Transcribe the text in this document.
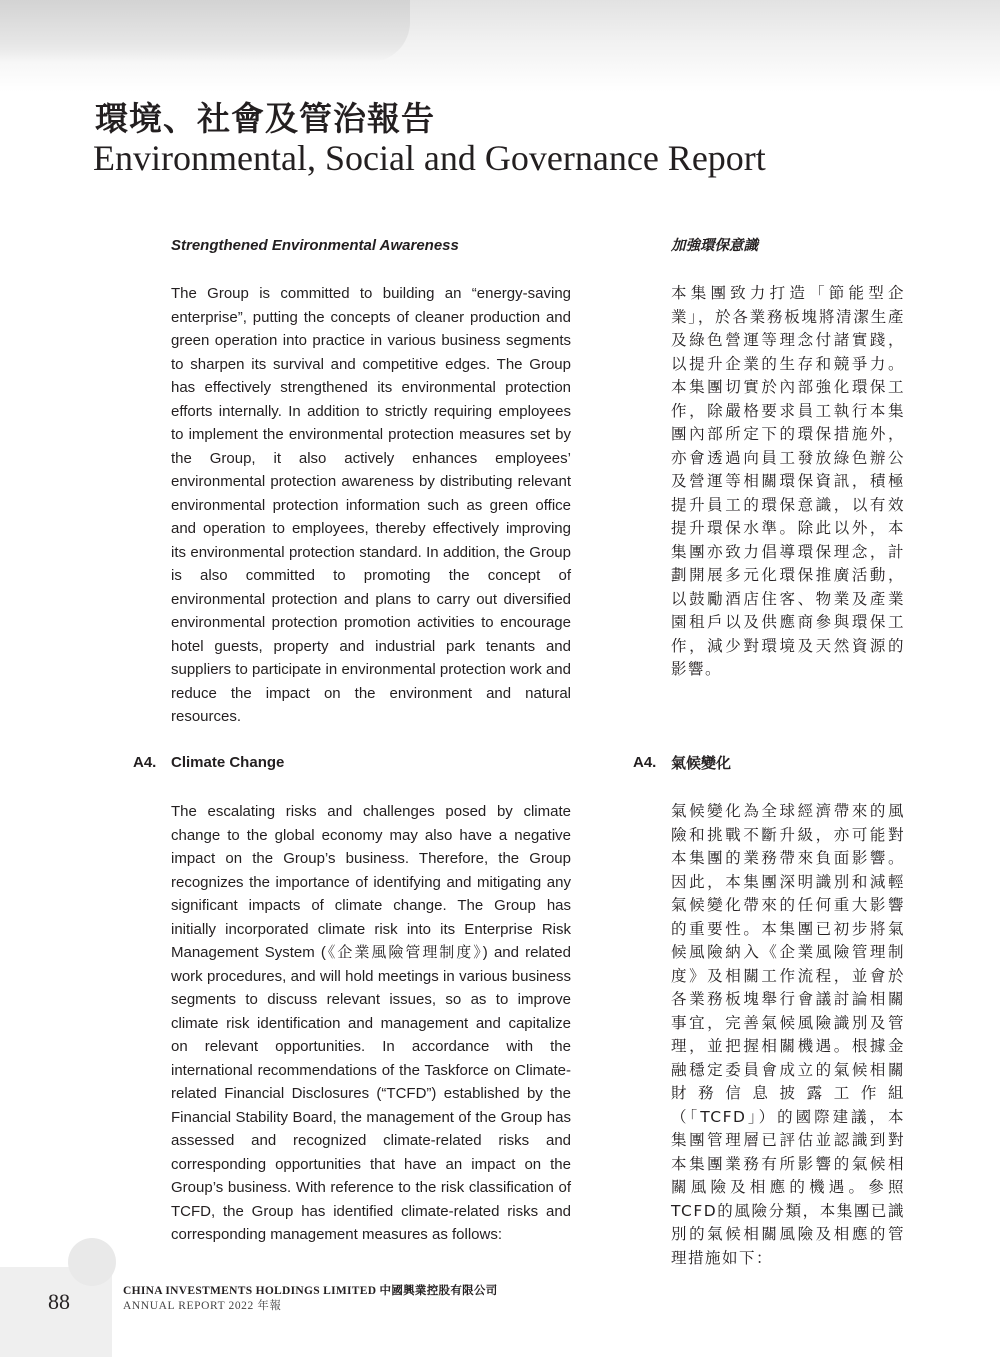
環境、社會及管治報告
Environmental, Social and Governance Report
Strengthened Environmental Awareness	加強環保意識

The Group is committed to building an “energy-saving enterprise”, putting the concepts of cleaner production and green operation into practice in various business segments to sharpen its survival and competitive edges. The Group has effectively strengthened its environmental protection efforts internally. In addition to strictly requiring employees to implement the environmental protection measures set by the Group, it also actively enhances employees’ environmental protection awareness by distributing relevant environmental protection information such as green office and operation to employees, thereby effectively improving its environmental protection standard. In addition, the Group is also committed to promoting the concept of environmental protection and plans to carry out diversified environmental protection promotion activities to encourage hotel guests, property and industrial park tenants and suppliers to participate in environmental protection work and reduce the impact on the environment and natural resources.

本集團致力打造「節能型企業」，於各業務板塊將清潔生產及綠色營運等理念付諸實踐，以提升企業的生存和競爭力。本集團切實於內部強化環保工作，除嚴格要求員工執行本集團內部所定下的環保措施外，亦會透過向員工發放綠色辦公及營運等相關環保資訊，積極提升員工的環保意識，以有效提升環保水準。除此以外，本集團亦致力倡導環保理念，計劃開展多元化環保推廣活動，以鼓勵酒店住客、物業及產業園租戶以及供應商參與環保工作，減少對環境及天然資源的影響。

A4. Climate Change	A4. 氣候變化

The escalating risks and challenges posed by climate change to the global economy may also have a negative impact on the Group’s business. Therefore, the Group recognizes the importance of identifying and mitigating any significant impacts of climate change. The Group has initially incorporated climate risk into its Enterprise Risk Management System (《企業風險管理制度》) and related work procedures, and will hold meetings in various business segments to discuss relevant issues, so as to improve climate risk identification and management and capitalize on relevant opportunities. In accordance with the international recommendations of the Taskforce on Climate-related Financial Disclosures (“TCFD”) established by the Financial Stability Board, the management of the Group has assessed and recognized climate-related risks and corresponding opportunities that have an impact on the Group’s business. With reference to the risk classification of TCFD, the Group has identified climate-related risks and corresponding management measures as follows:

氣候變化為全球經濟帶來的風險和挑戰不斷升級，亦可能對本集團的業務帶來負面影響。因此，本集團深明識別和減輕氣候變化帶來的任何重大影響的重要性。本集團已初步將氣候風險納入《企業風險管理制度》及相關工作流程，並會於各業務板塊舉行會議討論相關事宜，完善氣候風險識別及管理，並把握相關機遇。根據金融穩定委員會成立的氣候相關財務信息披露工作組（「TCFD」）的國際建議，本集團管理層已評估並認識到對本集團業務有所影響的氣候相關風險及相應的機遇。參照TCFD的風險分類，本集團已識別的氣候相關風險及相應的管理措施如下：

88	CHINA INVESTMENTS HOLDINGS LIMITED 中國興業控股有限公司
ANNUAL REPORT 2022 年報
